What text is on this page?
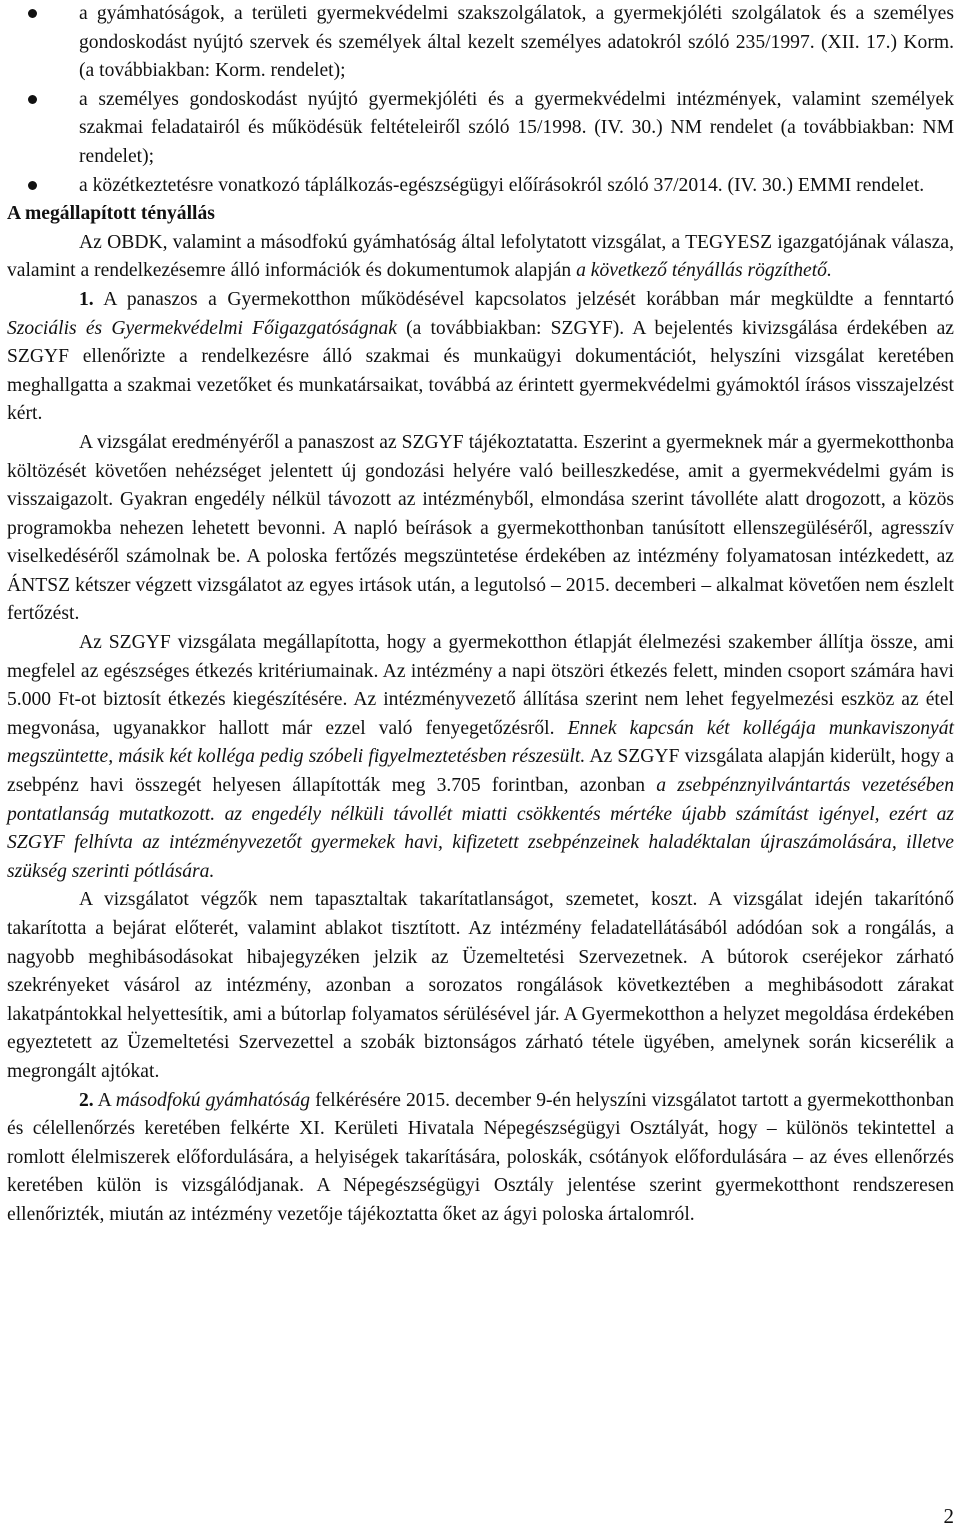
a gyámhatóságok, a területi gyermekvédelmi szakszolgálatok, a gyermekjóléti szolgálatok és a személyes gondoskodást nyújtó szervek és személyek által kezelt személyes adatokról szóló 235/1997. (XII. 17.) Korm. (a továbbiakban: Korm. rendelet);
a személyes gondoskodást nyújtó gyermekjóléti és a gyermekvédelmi intézmények, valamint személyek szakmai feladatairól és működésük feltételeiről szóló 15/1998. (IV. 30.) NM rendelet (a továbbiakban: NM rendelet);
a közétkeztetésre vonatkozó táplálkozás-egészségügyi előírásokról szóló 37/2014. (IV. 30.) EMMI rendelet.

A megállapított tényállás

Az OBDK, valamint a másodfokú gyámhatóság által lefolytatott vizsgálat, a TEGYESZ igazgatójának válasza, valamint a rendelkezésemre álló információk és dokumentumok alapján a következő tényállás rögzíthető.

1. A panaszos a Gyermekotthon működésével kapcsolatos jelzését korábban már megküldte a fenntartó Szociális és Gyermekvédelmi Főigazgatóságnak (a továbbiakban: SZGYF). A bejelentés kivizsgálása érdekében az SZGYF ellenőrizte a rendelkezésre álló szakmai és munkaügyi dokumentációt, helyszíni vizsgálat keretében meghallgatta a szakmai vezetőket és munkatársaikat, továbbá az érintett gyermekvédelmi gyámoktól írásos visszajelzést kért.

A vizsgálat eredményéről a panaszost az SZGYF tájékoztatatta. Eszerint a gyermeknek már a gyermekotthonba költözését követően nehézséget jelentett új gondozási helyére való beilleszkedése, amit a gyermekvédelmi gyám is visszaigazolt. Gyakran engedély nélkül távozott az intézményből, elmondása szerint távolléte alatt drogozott, a közös programokba nehezen lehetett bevonni. A napló beírások a gyermekotthonban tanúsított ellenszegüléséről, agresszív viselkedéséről számolnak be. A poloska fertőzés megszüntetése érdekében az intézmény folyamatosan intézkedett, az ÁNTSZ kétszer végzett vizsgálatot az egyes irtások után, a legutolsó – 2015. decemberi – alkalmat követően nem észlelt fertőzést.

Az SZGYF vizsgálata megállapította, hogy a gyermekotthon étlapját élelmezési szakember állítja össze, ami megfelel az egészséges étkezés kritériumainak. Az intézmény a napi ötszöri étkezés felett, minden csoport számára havi 5.000 Ft-ot biztosít étkezés kiegészítésére. Az intézményvezető állítása szerint nem lehet fegyelmezési eszköz az étel megvonása, ugyanakkor hallott már ezzel való fenyegetőzésről. Ennek kapcsán két kollégája munkaviszonyát megszüntette, másik két kolléga pedig szóbeli figyelmeztetésben részesült. Az SZGYF vizsgálata alapján kiderült, hogy a zsebpénz havi összegét helyesen állapították meg 3.705 forintban, azonban a zsebpénznyilvántartás vezetésében pontatlanság mutatkozott. az engedély nélküli távollét miatti csökkentés mértéke újabb számítást igényel, ezért az SZGYF felhívta az intézményvezetőt gyermekek havi, kifizetett zsebpénzeinek haladéktalan újraszámolására, illetve szükség szerinti pótlására.

A vizsgálatot végzők nem tapasztaltak takarítatlanságot, szemetet, koszt. A vizsgálat idején takarítónő takarította a bejárat előterét, valamint ablakot tisztított. Az intézmény feladatellátásából adódóan sok a rongálás, a nagyobb meghibásodásokat hibajegyzéken jelzik az Üzemeltetési Szervezetnek. A bútorok cseréjekor zárható szekrényeket vásárol az intézmény, azonban a sorozatos rongálások következtében a meghibásodott zárakat lakatpántokkal helyettesítik, ami a bútorlap folyamatos sérülésével jár. A Gyermekotthon a helyzet megoldása érdekében egyeztetett az Üzemeltetési Szervezettel a szobák biztonságos zárható tétele ügyében, amelynek során kicserélik a megrongált ajtókat.

2. A másodfokú gyámhatóság felkérésére 2015. december 9-én helyszíni vizsgálatot tartott a gyermekotthonban és célellenőrzés keretében felkérte XI. Kerületi Hivatala Népegészségügyi Osztályát, hogy – különös tekintettel a romlott élelmiszerek előfordulására, a helyiségek takarítására, poloskák, csótányok előfordulására – az éves ellenőrzés keretében külön is vizsgálódjanak. A Népegészségügyi Osztály jelentése szerint gyermekotthont rendszeresen ellenőrizték, miután az intézmény vezetője tájékoztatta őket az ágyi poloska ártalomról.

2
